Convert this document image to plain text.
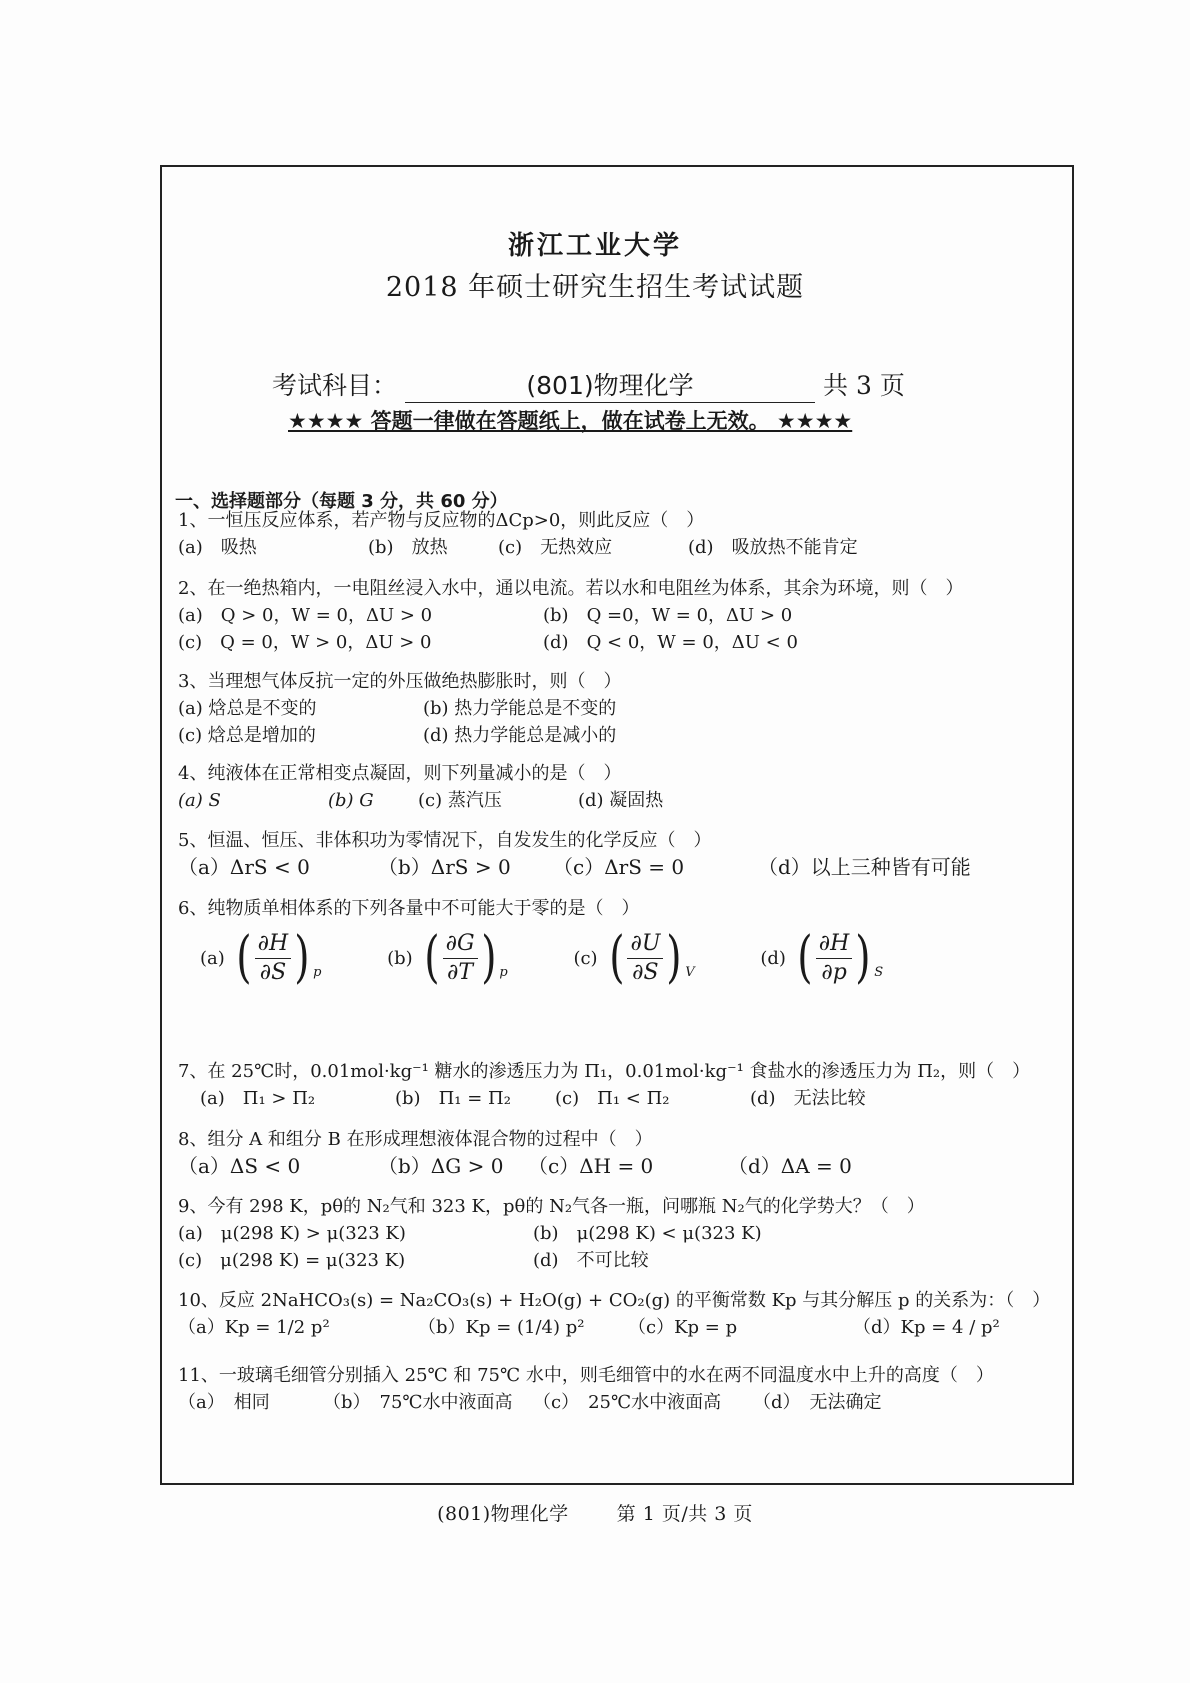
浙江工业大学
2018 年硕士研究生招生考试试题
考试科目：	(801)物理化学	共 3 页
★★★★ 答题一律做在答题纸上，做在试卷上无效。 ★★★★
一、选择题部分（每题 3 分，共 60 分）
1、一恒压反应体系，若产物与反应物的ΔCp>0，则此反应（　）
(a)　吸热	(b)　放热	(c)　无热效应	(d)　吸放热不能肯定
2、在一绝热箱内，一电阻丝浸入水中，通以电流。若以水和电阻丝为体系，其余为环境，则（　）
(a)　Q > 0，W = 0，ΔU > 0	(b)　Q =0，W = 0，ΔU > 0
(c)　Q = 0，W > 0，ΔU > 0	(d)　Q < 0，W = 0，ΔU < 0
3、当理想气体反抗一定的外压做绝热膨胀时，则（　）
(a) 焓总是不变的	(b) 热力学能总是不变的
(c) 焓总是增加的	(d) 热力学能总是减小的
4、纯液体在正常相变点凝固，则下列量减小的是（　）
(a) S	(b) G (c) 蒸汽压	(d) 凝固热
5、恒温、恒压、非体积功为零情况下，自发发生的化学反应（　）
（a）ΔrS < 0	（b）ΔrS > 0 （c）ΔrS = 0	（d）以上三种皆有可能
6、纯物质单相体系的下列各量中不可能大于零的是（　）
(a) ( $\frac{\partial H}{\partial S}$ ) p

(b) ( $\frac{\partial G}{\partial T}$ ) p

(c) ( $\frac{\partial U}{\partial S}$ ) V

(d) ( $\frac{\partial H}{\partial p}$ ) S
7、在 25℃时，0.01mol·kg⁻¹ 糖水的渗透压力为 Π₁，0.01mol·kg⁻¹ 食盐水的渗透压力为 Π₂，则（　）
(a)　Π₁ > Π₂	(b)　Π₁ = Π₂ (c)　Π₁ < Π₂	(d)　无法比较
8、组分 A 和组分 B 在形成理想液体混合物的过程中（　）
（a）ΔS < 0	（b）ΔG > 0 （c）ΔH = 0	（d）ΔA = 0
9、今有 298 K，pθ的 N₂气和 323 K，pθ的 N₂气各一瓶，问哪瓶 N₂气的化学势大？（　）
(a)　μ(298 K) > μ(323 K)	(b)　μ(298 K) < μ(323 K)
(c)　μ(298 K) = μ(323 K)	(d)　不可比较
10、反应 2NaHCO₃(s) = Na₂CO₃(s) + H₂O(g) + CO₂(g) 的平衡常数 Kp 与其分解压 p 的关系为：（　）
（a）Kp = 1/2 p²	（b）Kp = (1/4) p² （c）Kp = p	（d）Kp = 4 / p²
11、一玻璃毛细管分别插入 25℃ 和 75℃ 水中，则毛细管中的水在两不同温度水中上升的高度（　）
（a）　相同	（b）　75℃水中液面高 （c）　25℃水中液面高 （d）　无法确定
(801)物理化学	第 1 页/共 3 页
